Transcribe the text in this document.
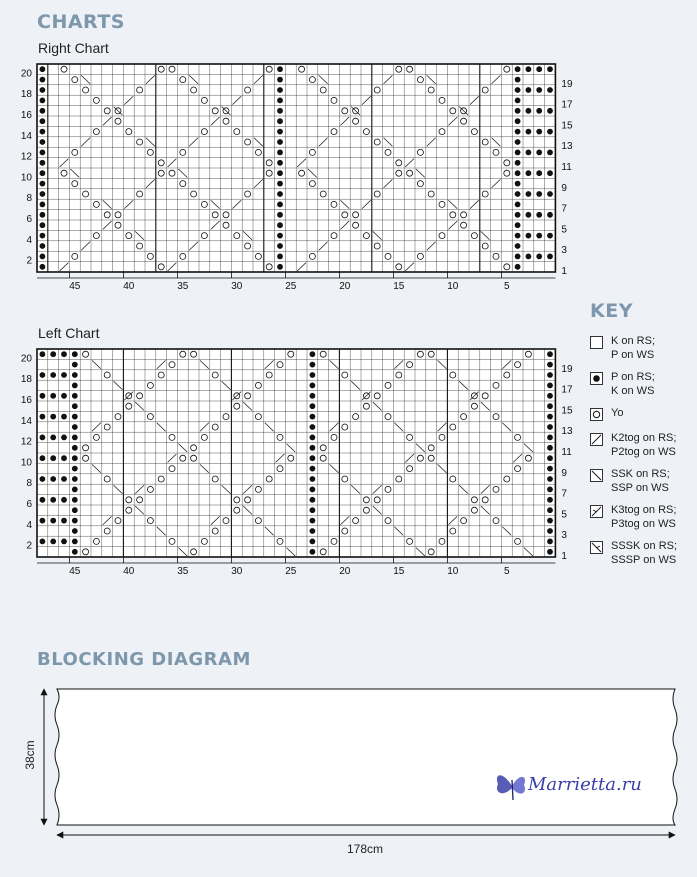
CHARTS
Right Chart
20
18
16
14
12
10
8
6
4
2
19
17
15
13
11
9
7
5
3
1
45	40	35	30	25	20	15	10	5
Left Chart
20
18
16
14
12
10
8
6
4
2
19
17
15
13
11
9
7
5
3
1
45	40	35	30	25	20	15	10	5
KEY
K on RS;
P on WS
P on RS;
K on WS
Yo
K2tog on RS;
P2tog on WS
SSK on RS;
SSP on WS
K3tog on RS;
P3tog on WS
SSSK on RS;
SSSP on WS
BLOCKING DIAGRAM
38cm
178cm
Marrietta.ru
